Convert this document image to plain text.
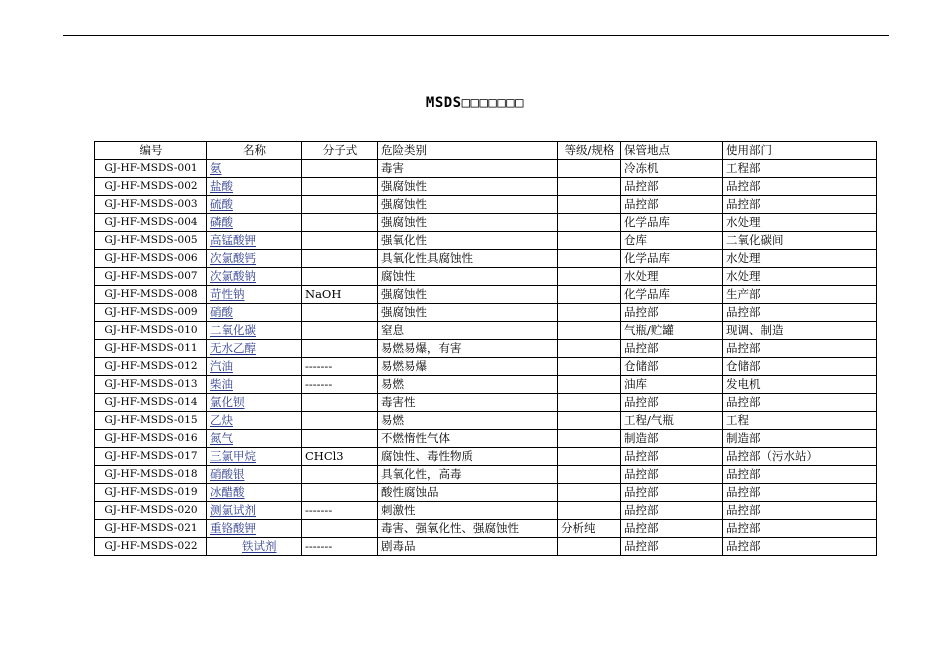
MSDS□□□□□□□
编号	名称	分子式	危险类别	等级/规格	保管地点	使用部门
GJ-HF-MSDS-001	氨		毒害		冷冻机	工程部
GJ-HF-MSDS-002	盐酸		强腐蚀性		品控部	品控部
GJ-HF-MSDS-003	硫酸		强腐蚀性		品控部	品控部
GJ-HF-MSDS-004	磷酸		强腐蚀性		化学品库	水处理
GJ-HF-MSDS-005	高锰酸钾		强氧化性		仓库	二氧化碳间
GJ-HF-MSDS-006	次氯酸钙		具氧化性具腐蚀性		化学品库	水处理
GJ-HF-MSDS-007	次氯酸钠		腐蚀性		水处理	水处理
GJ-HF-MSDS-008	苛性钠	NaOH	强腐蚀性		化学品库	生产部
GJ-HF-MSDS-009	硝酸		强腐蚀性		品控部	品控部
GJ-HF-MSDS-010	二氧化碳		窒息		气瓶/贮罐	现调、制造
GJ-HF-MSDS-011	无水乙醇		易燃易爆，有害		品控部	品控部
GJ-HF-MSDS-012	汽油	-------	易燃易爆		仓储部	仓储部
GJ-HF-MSDS-013	柴油	-------	易燃		油库	发电机
GJ-HF-MSDS-014	氯化钡		毒害性		品控部	品控部
GJ-HF-MSDS-015	乙炔		易燃		工程/气瓶	工程
GJ-HF-MSDS-016	氮气		不燃惰性气体		制造部	制造部
GJ-HF-MSDS-017	三氯甲烷	CHCl3	腐蚀性、毒性物质		品控部	品控部（污水站）
GJ-HF-MSDS-018	硝酸银		具氧化性，高毒		品控部	品控部
GJ-HF-MSDS-019	冰醋酸		酸性腐蚀品		品控部	品控部
GJ-HF-MSDS-020	测氯试剂	-------	刺激性		品控部	品控部
GJ-HF-MSDS-021	重铬酸钾		毒害、强氧化性、强腐蚀性	分析纯	品控部	品控部
GJ-HF-MSDS-022	铁试剂	-------	剧毒品		品控部	品控部
